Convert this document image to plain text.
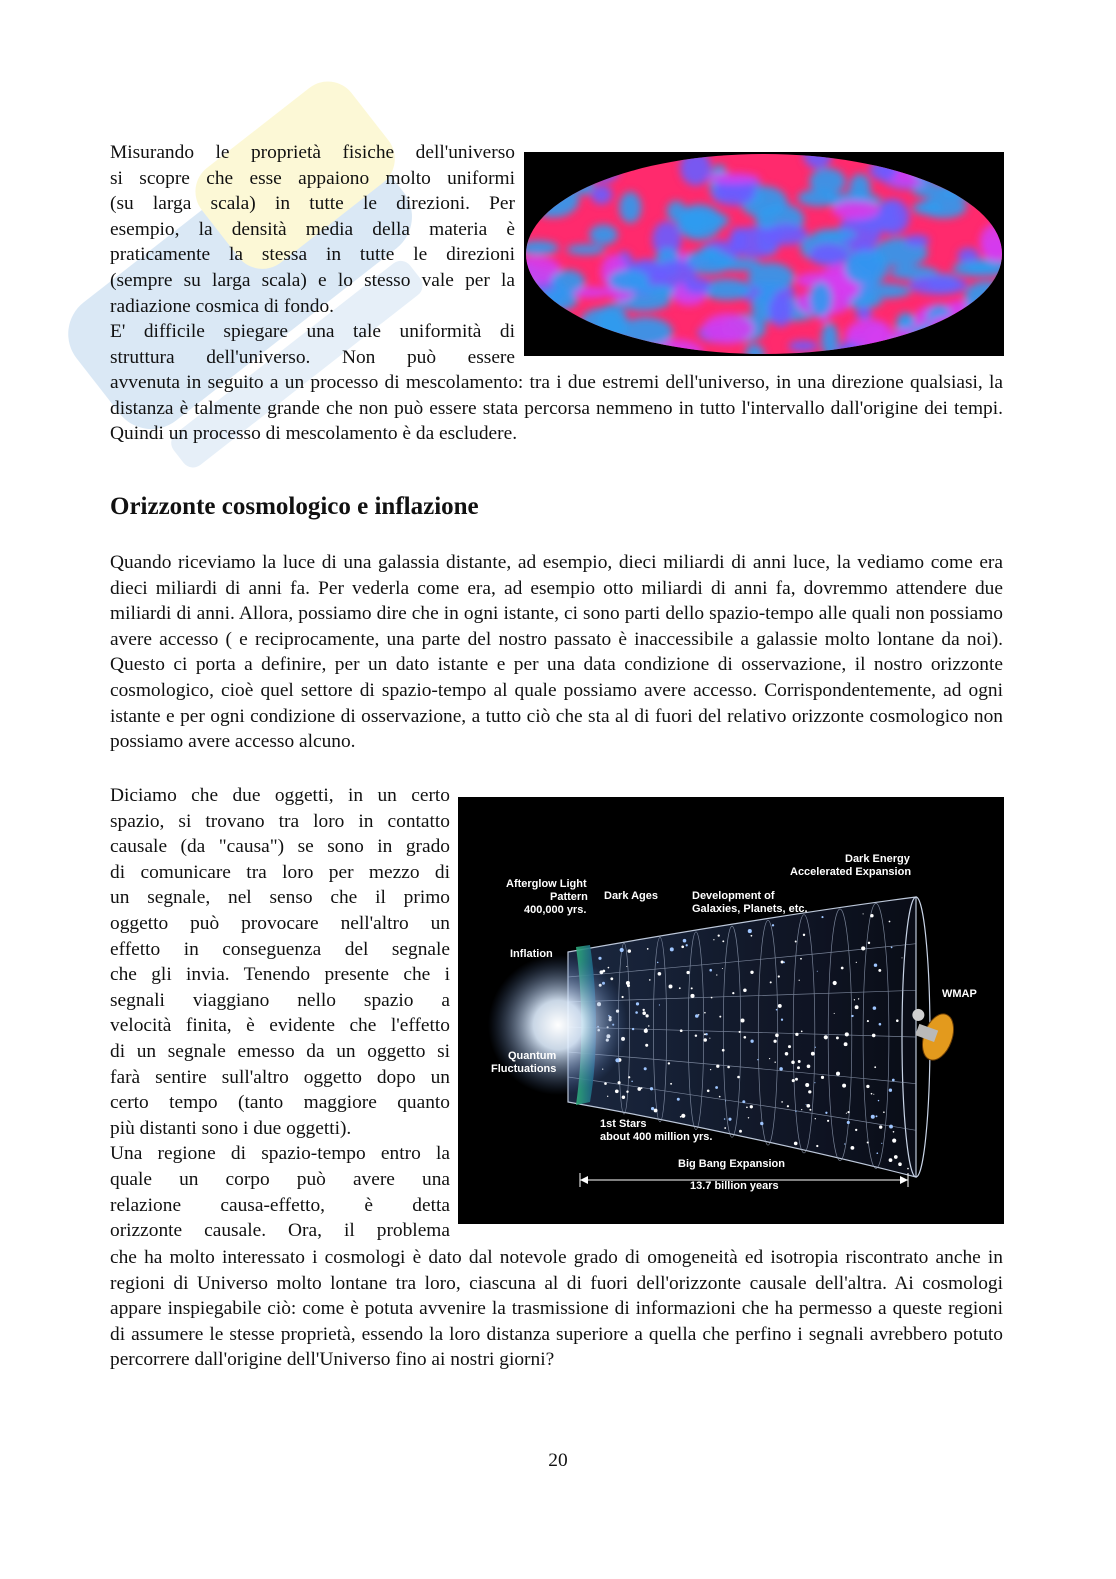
Misurando le proprietà fisiche dell'universo
si scopre che esse appaiono molto uniformi
(su larga scala) in tutte le direzioni. Per
esempio, la densità media della materia è
praticamente la stessa in tutte le direzioni
(sempre su larga scala) e lo stesso vale per la
radiazione cosmica di fondo.
E' difficile spiegare una tale uniformità di
struttura dell'universo. Non può essere

avvenuta in seguito a un processo di mescolamento: tra i due estremi dell'universo, in una direzione qualsiasi, la distanza è talmente grande che non può essere stata percorsa nemmeno in tutto l'intervallo dall'origine dei tempi. Quindi un processo di mescolamento è da escludere.

Orizzonte cosmologico e inflazione

Quando riceviamo la luce di una galassia distante, ad esempio, dieci miliardi di anni luce, la vediamo come era dieci miliardi di anni fa. Per vederla come era, ad esempio otto miliardi di anni fa, dovremmo attendere due miliardi di anni. Allora, possiamo dire che in ogni istante, ci sono parti dello spazio-tempo alle quali non possiamo avere accesso ( e reciprocamente, una parte del nostro passato è inaccessibile a galassie molto lontane da noi). Questo ci porta a definire, per un dato istante e per una data condizione di osservazione, il nostro orizzonte cosmologico, cioè quel settore di spazio-tempo al quale possiamo avere accesso. Corrispondentemente, ad ogni istante e per ogni condizione di osservazione, a tutto ciò che sta al di fuori del relativo orizzonte cosmologico non possiamo avere accesso alcuno.

Diciamo che due oggetti, in un certo
spazio, si trovano tra loro in contatto
causale (da "causa") se sono in grado
di comunicare tra loro per mezzo di
un segnale, nel senso che il primo
oggetto può provocare nell'altro un
effetto in conseguenza del segnale
che gli invia. Tenendo presente che i
segnali viaggiano nello spazio a
velocità finita, è evidente che l'effetto
di un segnale emesso da un oggetto si
farà sentire sull'altro oggetto dopo un
certo tempo (tanto maggiore quanto
più distanti sono i due oggetti).
Una regione di spazio-tempo entro la
quale un corpo può avere una
relazione causa-effetto, è detta
orizzonte causale. Ora, il problema
Dark Energy
Accelerated Expansion
Afterglow Light
Pattern
400,000 yrs.
Dark Ages	Development of
Galaxies, Planets, etc.
Inflation
WMAP
Quantum
Fluctuations
1st Stars
about 400 million yrs.
Big Bang Expansion
13.7 billion years

che ha molto interessato i cosmologi è dato dal notevole grado di omogeneità ed isotropia riscontrato anche in regioni di Universo molto lontane tra loro, ciascuna al di fuori dell'orizzonte causale dell'altra. Ai cosmologi appare inspiegabile ciò: come è potuta avvenire la trasmissione di informazioni che ha permesso a queste regioni di assumere le stesse proprietà, essendo la loro distanza superiore a quella che perfino i segnali avrebbero potuto percorrere dall'origine dell'Universo fino ai nostri giorni?

20
